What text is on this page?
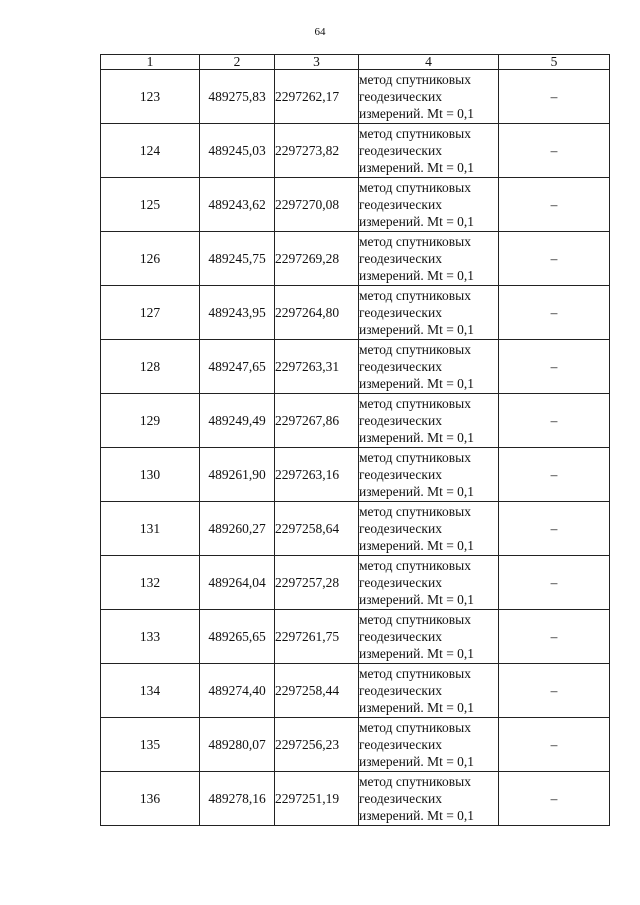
64
1	2	3	4	5
123	489275,83	2297262,17	метод спутниковых
геодезических
измерений. Mt = 0,1	–
124	489245,03	2297273,82	метод спутниковых
геодезических
измерений. Mt = 0,1	–
125	489243,62	2297270,08	метод спутниковых
геодезических
измерений. Mt = 0,1	–
126	489245,75	2297269,28	метод спутниковых
геодезических
измерений. Mt = 0,1	–
127	489243,95	2297264,80	метод спутниковых
геодезических
измерений. Mt = 0,1	–
128	489247,65	2297263,31	метод спутниковых
геодезических
измерений. Mt = 0,1	–
129	489249,49	2297267,86	метод спутниковых
геодезических
измерений. Mt = 0,1	–
130	489261,90	2297263,16	метод спутниковых
геодезических
измерений. Mt = 0,1	–
131	489260,27	2297258,64	метод спутниковых
геодезических
измерений. Mt = 0,1	–
132	489264,04	2297257,28	метод спутниковых
геодезических
измерений. Mt = 0,1	–
133	489265,65	2297261,75	метод спутниковых
геодезических
измерений. Mt = 0,1	–
134	489274,40	2297258,44	метод спутниковых
геодезических
измерений. Mt = 0,1	–
135	489280,07	2297256,23	метод спутниковых
геодезических
измерений. Mt = 0,1	–
136	489278,16	2297251,19	метод спутниковых
геодезических
измерений. Mt = 0,1	–
